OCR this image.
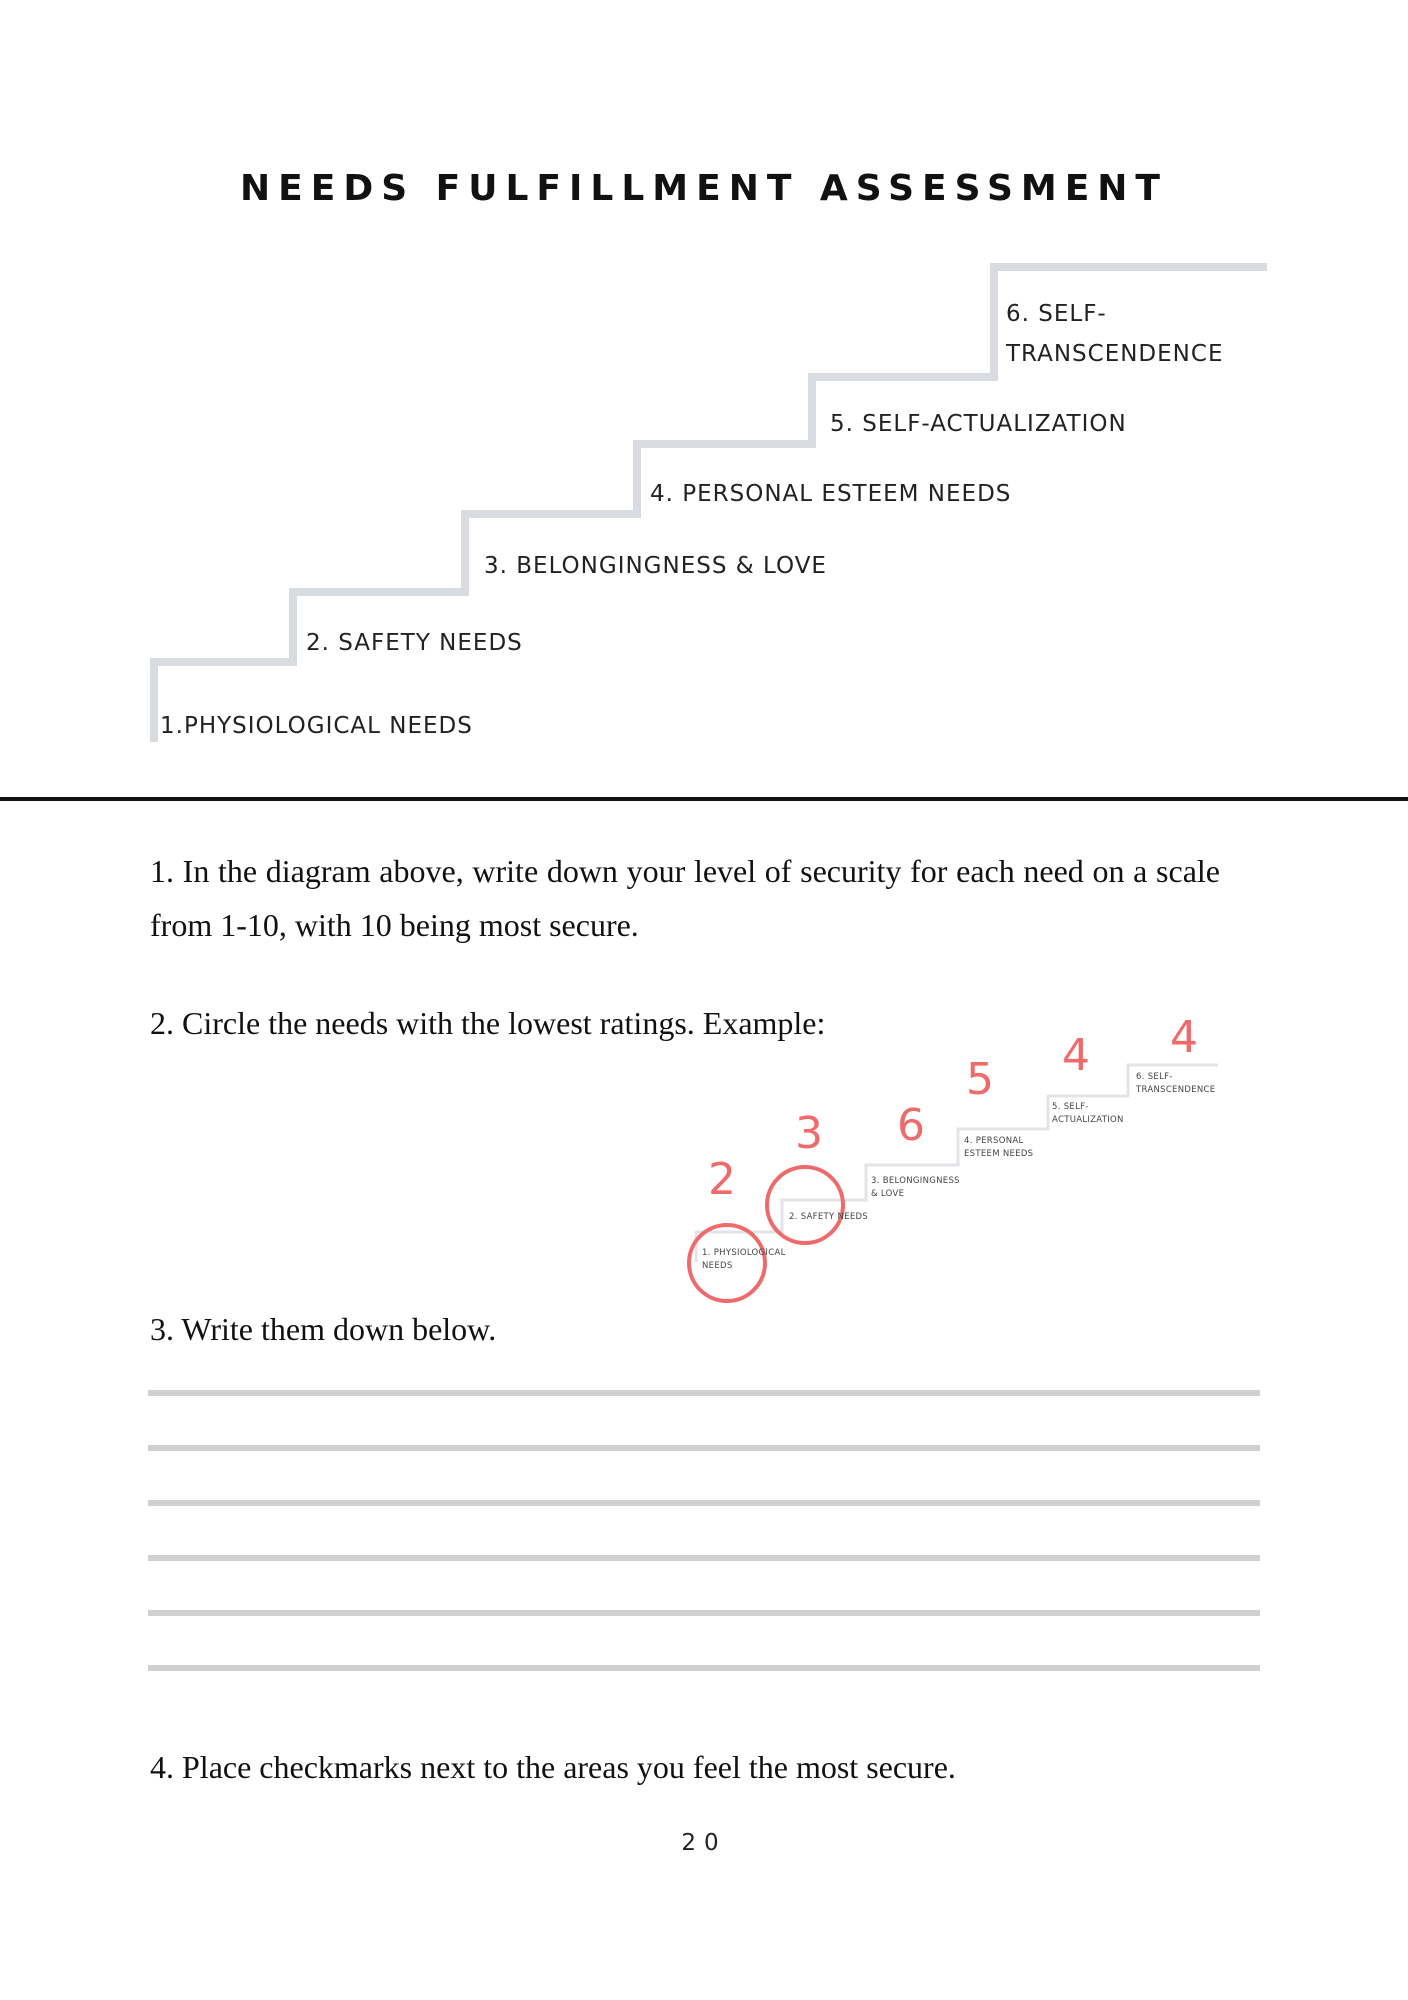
NEEDS FULFILLMENT ASSESSMENT
1.PHYSIOLOGICAL NEEDS
2. SAFETY NEEDS
3. BELONGINGNESS & LOVE
4. PERSONAL ESTEEM NEEDS
5. SELF-ACTUALIZATION
6. SELF-
TRANSCENDENCE
1. In the diagram above, write down your level of security for each need on a scale from 1-10, with 10 being most secure.
2. Circle the needs with the lowest ratings. Example:
1. PHYSIOLOGICAL
NEEDS
2. SAFETY NEEDS
3. BELONGINGNESS
& LOVE
4. PERSONAL
ESTEEM NEEDS
5. SELF-
ACTUALIZATION
6. SELF-
TRANSCENDENCE
2
3 6
5 4 4
3. Write them down below.
4. Place checkmarks next to the areas you feel the most secure.
20
